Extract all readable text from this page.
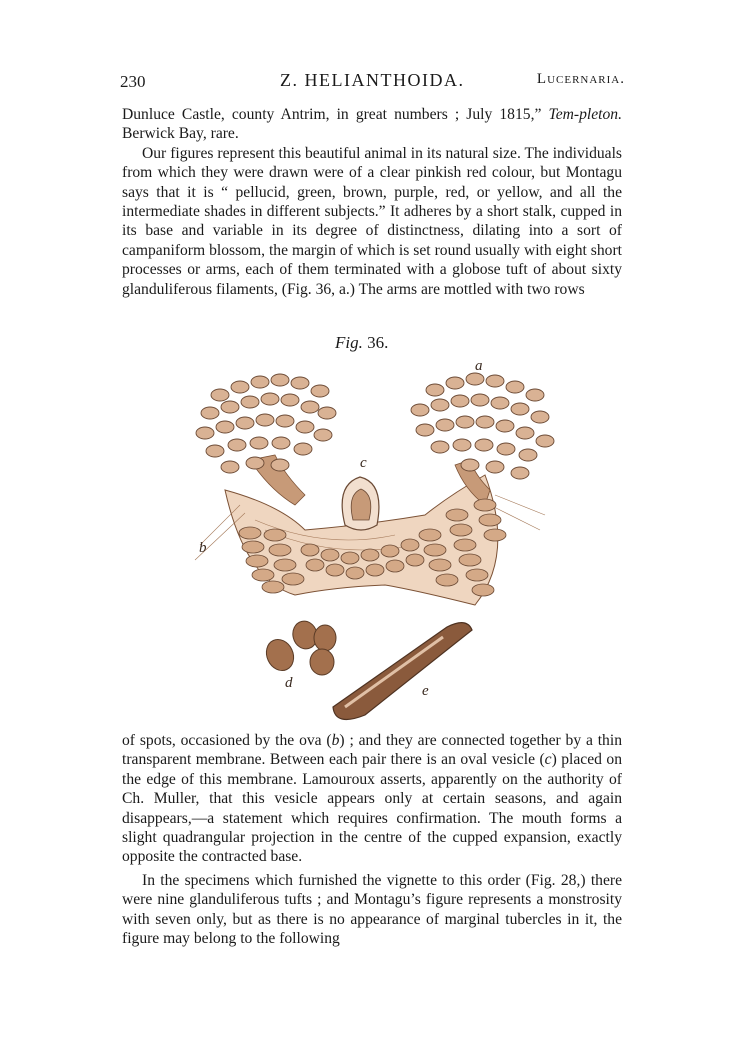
230	Z. HELIANTHOIDA.	Lucernaria.

Dunluce Castle, county Antrim, in great numbers ; July 1815,” Tem-pleton. Berwick Bay, rare.

Our figures represent this beautiful animal in its natural size. The individuals from which they were drawn were of a clear pinkish red colour, but Montagu says that it is “ pellucid, green, brown, purple, red, or yellow, and all the intermediate shades in different subjects.” It adheres by a short stalk, cupped in its base and variable in its degree of distinctness, dilating into a sort of campaniform blossom, the margin of which is set round usually with eight short processes or arms, each of them terminated with a globose tuft of about sixty glanduliferous filaments, (Fig. 36, a.) The arms are mottled with two rows

Fig. 36.
a
b
c
d	e

of spots, occasioned by the ova (b) ; and they are connected together by a thin transparent membrane. Between each pair there is an oval vesicle (c) placed on the edge of this membrane. Lamouroux asserts, apparently on the authority of Ch. Muller, that this vesicle appears only at certain seasons, and again disappears,—a statement which requires confirmation. The mouth forms a slight quadrangular projection in the centre of the cupped expansion, exactly opposite the contracted base.

In the specimens which furnished the vignette to this order (Fig. 28,) there were nine glanduliferous tufts ; and Montagu’s figure represents a monstrosity with seven only, but as there is no appearance of marginal tubercles in it, the figure may belong to the following
